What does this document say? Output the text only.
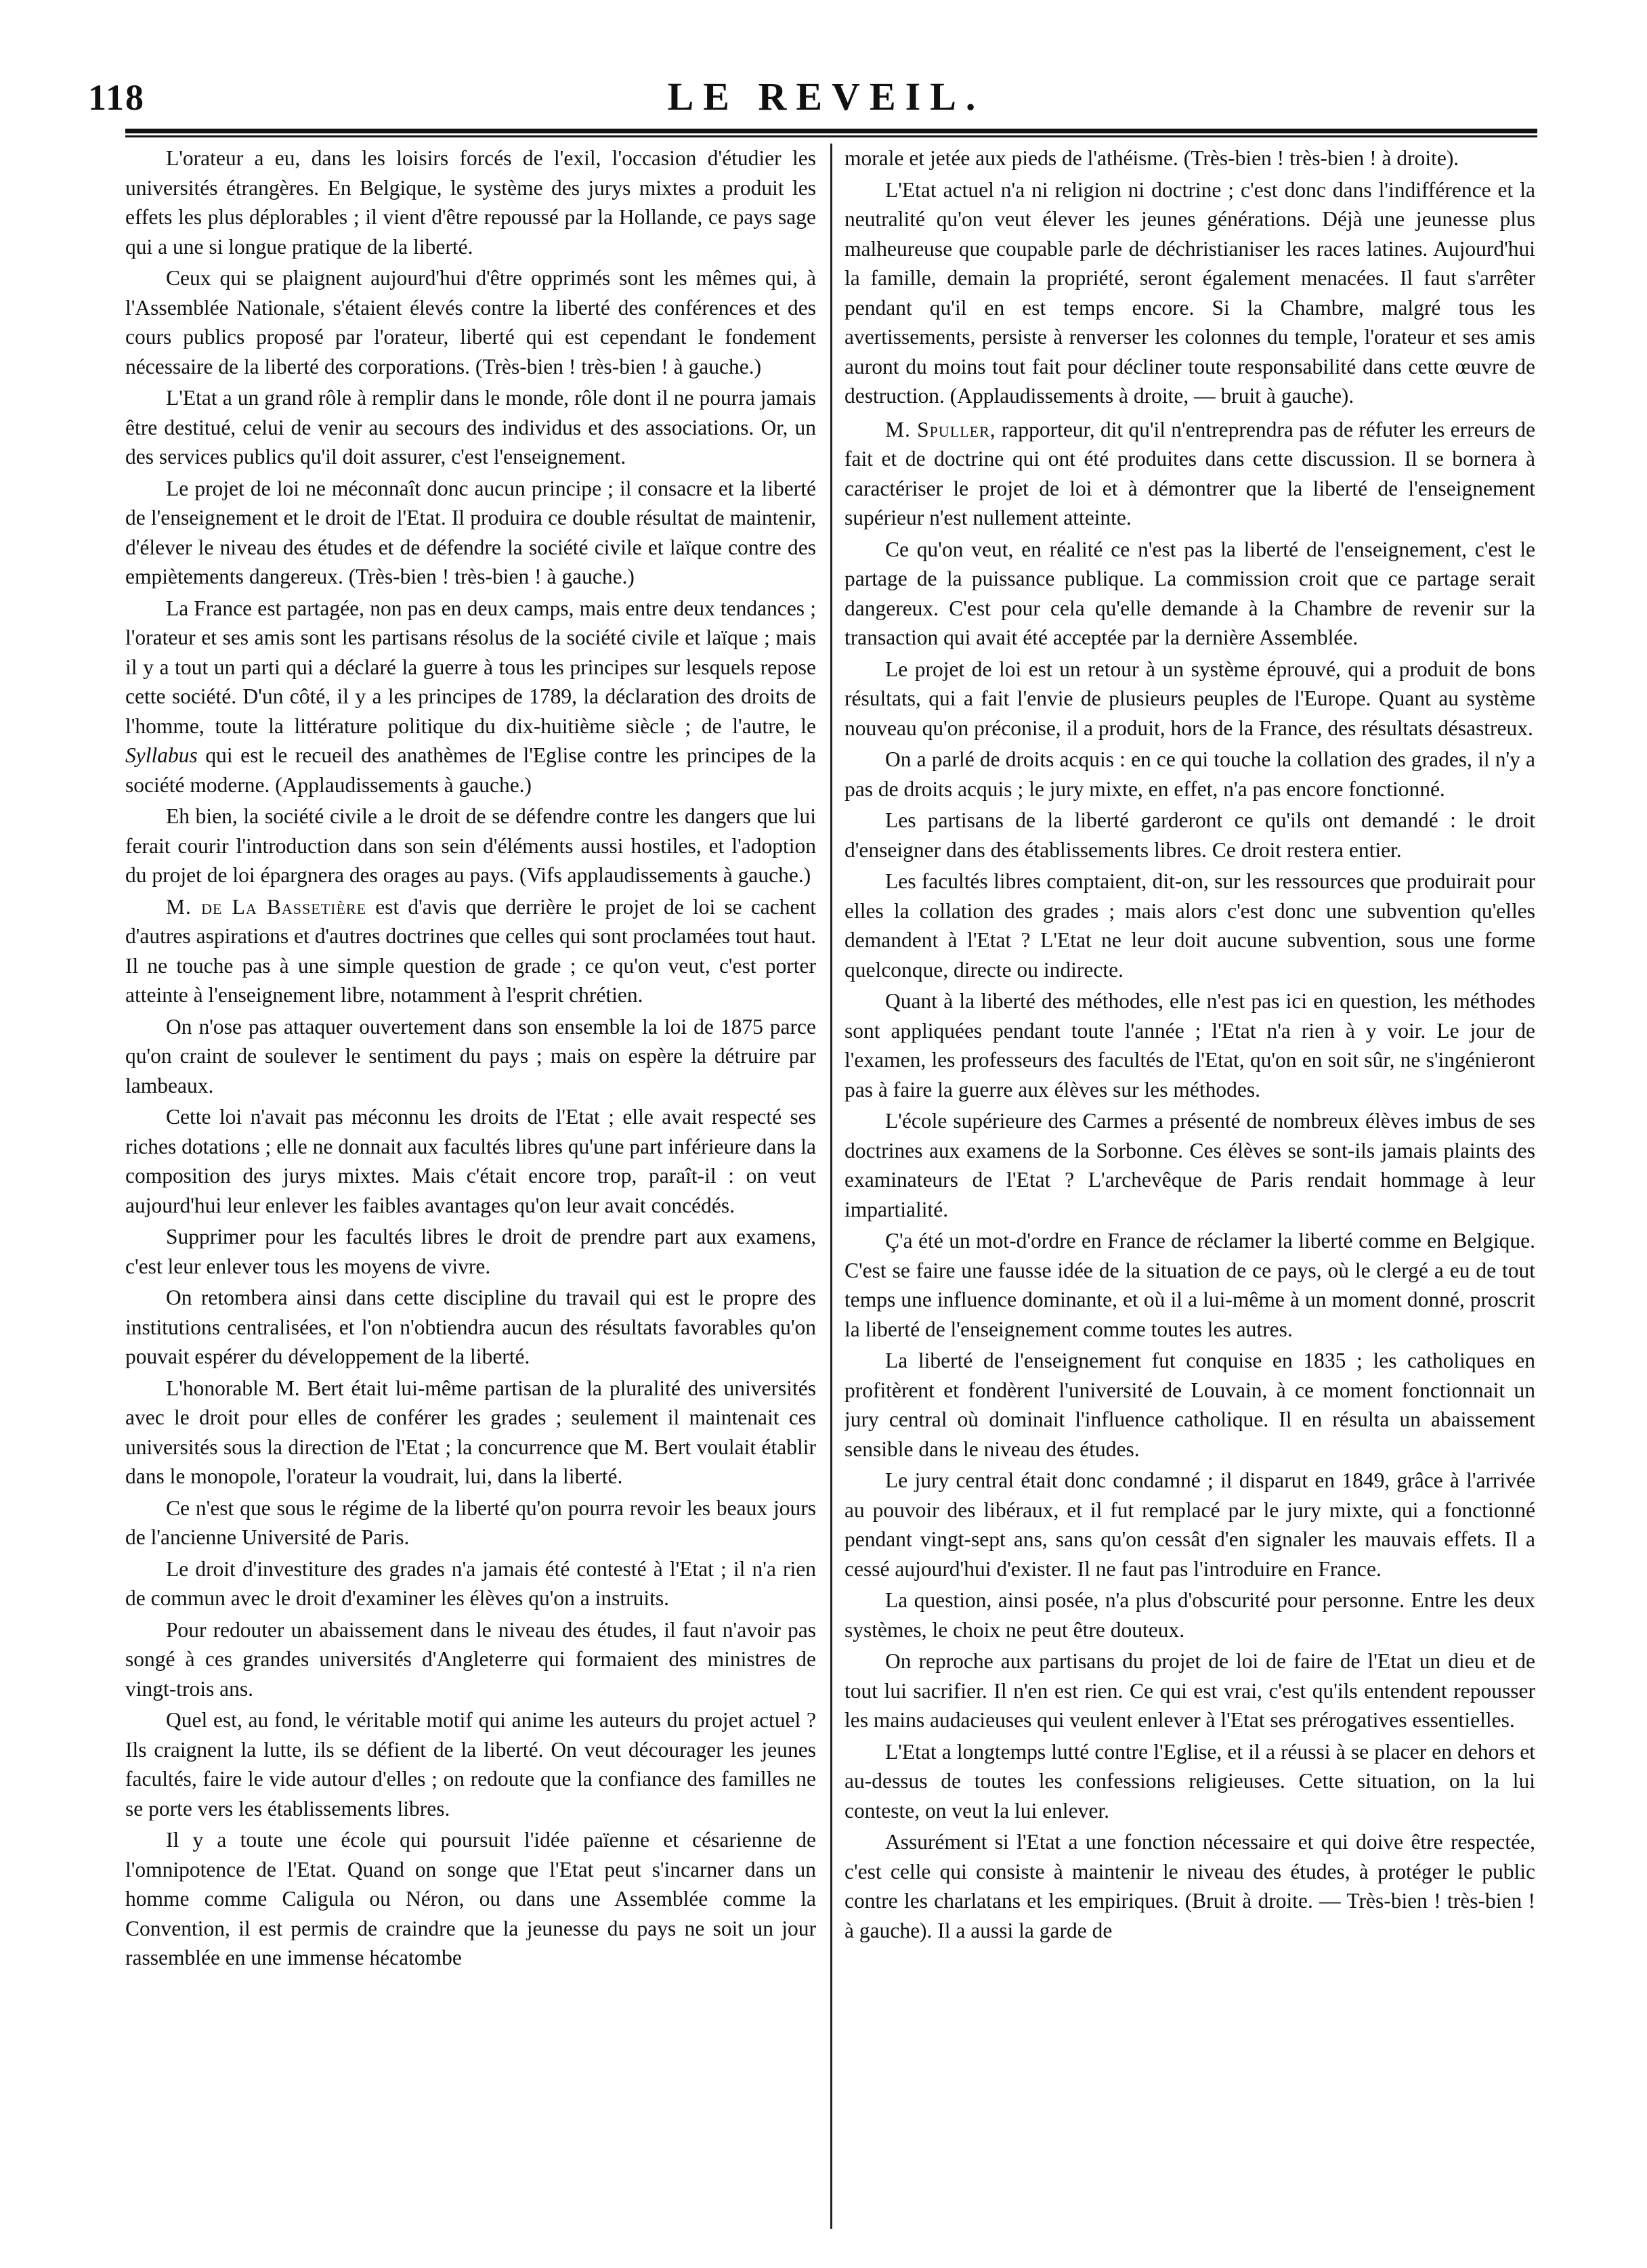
118	LE REVEIL.

L'orateur a eu, dans les loisirs forcés de l'exil, l'occasion d'étudier les universités étrangères. En Belgique, le système des jurys mixtes a produit les effets les plus déplorables ; il vient d'être repoussé par la Hollande, ce pays sage qui a une si longue pratique de la liberté.

Ceux qui se plaignent aujourd'hui d'être opprimés sont les mêmes qui, à l'Assemblée Nationale, s'étaient élevés contre la liberté des conférences et des cours publics proposé par l'orateur, liberté qui est cependant le fondement nécessaire de la liberté des corporations. (Très-bien ! très-bien ! à gauche.)

L'Etat a un grand rôle à remplir dans le monde, rôle dont il ne pourra jamais être destitué, celui de venir au secours des individus et des associations. Or, un des services publics qu'il doit assurer, c'est l'enseignement.

Le projet de loi ne méconnaît donc aucun principe ; il consacre et la liberté de l'enseignement et le droit de l'Etat. Il produira ce double résultat de maintenir, d'élever le niveau des études et de défendre la société civile et laïque contre des empiètements dangereux. (Très-bien ! très-bien ! à gauche.)

La France est partagée, non pas en deux camps, mais entre deux tendances ; l'orateur et ses amis sont les partisans résolus de la société civile et laïque ; mais il y a tout un parti qui a déclaré la guerre à tous les principes sur lesquels repose cette société. D'un côté, il y a les principes de 1789, la déclaration des droits de l'homme, toute la littérature politique du dix-huitième siècle ; de l'autre, le Syllabus qui est le recueil des anathèmes de l'Eglise contre les principes de la société moderne. (Applaudissements à gauche.)

Eh bien, la société civile a le droit de se défendre contre les dangers que lui ferait courir l'introduction dans son sein d'éléments aussi hostiles, et l'adoption du projet de loi épargnera des orages au pays. (Vifs applaudissements à gauche.)

M. de La Bassetière est d'avis que derrière le projet de loi se cachent d'autres aspirations et d'autres doctrines que celles qui sont proclamées tout haut. Il ne touche pas à une simple question de grade ; ce qu'on veut, c'est porter atteinte à l'enseignement libre, notamment à l'esprit chrétien.

On n'ose pas attaquer ouvertement dans son ensemble la loi de 1875 parce qu'on craint de soulever le sentiment du pays ; mais on espère la détruire par lambeaux.

Cette loi n'avait pas méconnu les droits de l'Etat ; elle avait respecté ses riches dotations ; elle ne donnait aux facultés libres qu'une part inférieure dans la composition des jurys mixtes. Mais c'était encore trop, paraît-il : on veut aujourd'hui leur enlever les faibles avantages qu'on leur avait concédés.

Supprimer pour les facultés libres le droit de prendre part aux examens, c'est leur enlever tous les moyens de vivre.

On retombera ainsi dans cette discipline du travail qui est le propre des institutions centralisées, et l'on n'obtiendra aucun des résultats favorables qu'on pouvait espérer du développement de la liberté.

L'honorable M. Bert était lui-même partisan de la pluralité des universités avec le droit pour elles de conférer les grades ; seulement il maintenait ces universités sous la direction de l'Etat ; la concurrence que M. Bert voulait établir dans le monopole, l'orateur la voudrait, lui, dans la liberté.

Ce n'est que sous le régime de la liberté qu'on pourra revoir les beaux jours de l'ancienne Université de Paris.

Le droit d'investiture des grades n'a jamais été contesté à l'Etat ; il n'a rien de commun avec le droit d'examiner les élèves qu'on a instruits.

Pour redouter un abaissement dans le niveau des études, il faut n'avoir pas songé à ces grandes universités d'Angleterre qui formaient des ministres de vingt-trois ans.

Quel est, au fond, le véritable motif qui anime les auteurs du projet actuel ? Ils craignent la lutte, ils se défient de la liberté. On veut décourager les jeunes facultés, faire le vide autour d'elles ; on redoute que la confiance des familles ne se porte vers les établissements libres.

Il y a toute une école qui poursuit l'idée païenne et césarienne de l'omnipotence de l'Etat. Quand on songe que l'Etat peut s'incarner dans un homme comme Caligula ou Néron, ou dans une Assemblée comme la Convention, il est permis de craindre que la jeunesse du pays ne soit un jour rassemblée en une immense hécatombe

morale et jetée aux pieds de l'athéisme. (Très-bien ! très-bien ! à droite).

L'Etat actuel n'a ni religion ni doctrine ; c'est donc dans l'indifférence et la neutralité qu'on veut élever les jeunes générations. Déjà une jeunesse plus malheureuse que coupable parle de déchristianiser les races latines. Aujourd'hui la famille, demain la propriété, seront également menacées. Il faut s'arrêter pendant qu'il en est temps encore. Si la Chambre, malgré tous les avertissements, persiste à renverser les colonnes du temple, l'orateur et ses amis auront du moins tout fait pour décliner toute responsabilité dans cette œuvre de destruction. (Applaudissements à droite, — bruit à gauche).

M. Spuller, rapporteur, dit qu'il n'entreprendra pas de réfuter les erreurs de fait et de doctrine qui ont été produites dans cette discussion. Il se bornera à caractériser le projet de loi et à démontrer que la liberté de l'enseignement supérieur n'est nullement atteinte.

Ce qu'on veut, en réalité ce n'est pas la liberté de l'enseignement, c'est le partage de la puissance publique. La commission croit que ce partage serait dangereux. C'est pour cela qu'elle demande à la Chambre de revenir sur la transaction qui avait été acceptée par la dernière Assemblée.

Le projet de loi est un retour à un système éprouvé, qui a produit de bons résultats, qui a fait l'envie de plusieurs peuples de l'Europe. Quant au système nouveau qu'on préconise, il a produit, hors de la France, des résultats désastreux.

On a parlé de droits acquis : en ce qui touche la collation des grades, il n'y a pas de droits acquis ; le jury mixte, en effet, n'a pas encore fonctionné.

Les partisans de la liberté garderont ce qu'ils ont demandé : le droit d'enseigner dans des établissements libres. Ce droit restera entier.

Les facultés libres comptaient, dit-on, sur les ressources que produirait pour elles la collation des grades ; mais alors c'est donc une subvention qu'elles demandent à l'Etat ? L'Etat ne leur doit aucune subvention, sous une forme quelconque, directe ou indirecte.

Quant à la liberté des méthodes, elle n'est pas ici en question, les méthodes sont appliquées pendant toute l'année ; l'Etat n'a rien à y voir. Le jour de l'examen, les professeurs des facultés de l'Etat, qu'on en soit sûr, ne s'ingénieront pas à faire la guerre aux élèves sur les méthodes.

L'école supérieure des Carmes a présenté de nombreux élèves imbus de ses doctrines aux examens de la Sorbonne. Ces élèves se sont-ils jamais plaints des examinateurs de l'Etat ? L'archevêque de Paris rendait hommage à leur impartialité.

Ç'a été un mot-d'ordre en France de réclamer la liberté comme en Belgique. C'est se faire une fausse idée de la situation de ce pays, où le clergé a eu de tout temps une influence dominante, et où il a lui-même à un moment donné, proscrit la liberté de l'enseignement comme toutes les autres.

La liberté de l'enseignement fut conquise en 1835 ; les catholiques en profitèrent et fondèrent l'université de Louvain, à ce moment fonctionnait un jury central où dominait l'influence catholique. Il en résulta un abaissement sensible dans le niveau des études.

Le jury central était donc condamné ; il disparut en 1849, grâce à l'arrivée au pouvoir des libéraux, et il fut remplacé par le jury mixte, qui a fonctionné pendant vingt-sept ans, sans qu'on cessât d'en signaler les mauvais effets. Il a cessé aujourd'hui d'exister. Il ne faut pas l'introduire en France.

La question, ainsi posée, n'a plus d'obscurité pour personne. Entre les deux systèmes, le choix ne peut être douteux.

On reproche aux partisans du projet de loi de faire de l'Etat un dieu et de tout lui sacrifier. Il n'en est rien. Ce qui est vrai, c'est qu'ils entendent repousser les mains audacieuses qui veulent enlever à l'Etat ses prérogatives essentielles.

L'Etat a longtemps lutté contre l'Eglise, et il a réussi à se placer en dehors et au-dessus de toutes les confessions religieuses. Cette situation, on la lui conteste, on veut la lui enlever.

Assurément si l'Etat a une fonction nécessaire et qui doive être respectée, c'est celle qui consiste à maintenir le niveau des études, à protéger le public contre les charlatans et les empiriques. (Bruit à droite. — Très-bien ! très-bien ! à gauche). Il a aussi la garde de
